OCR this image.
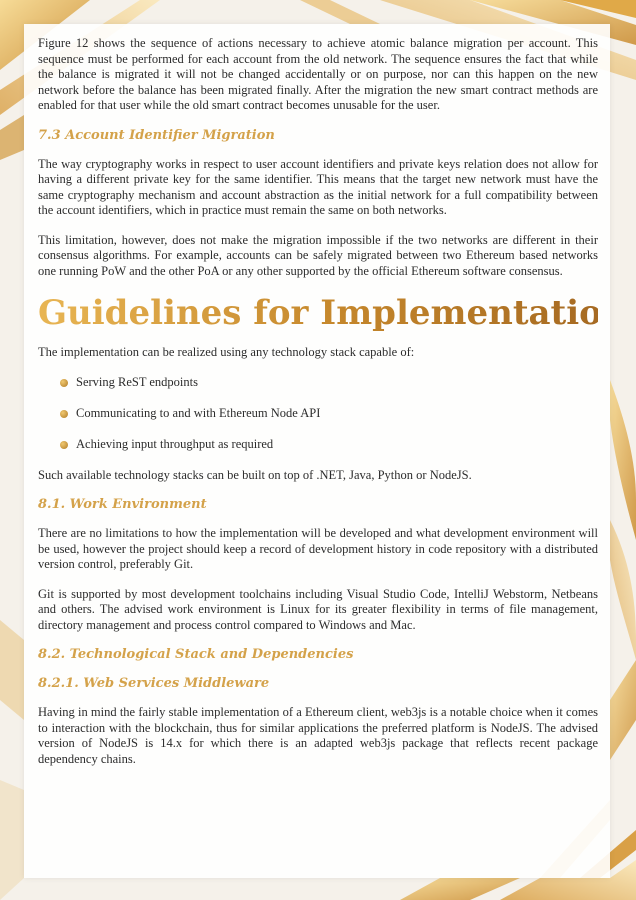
Figure 12 shows the sequence of actions necessary to achieve atomic balance migration per account. This sequence must be performed for each account from the old network. The sequence ensures the fact that while the balance is migrated it will not be changed accidentally or on purpose, nor can this happen on the new network before the balance has been migrated finally. After the migration the new smart contract methods are enabled for that user while the old smart contract becomes unusable for the user.

7.3 Account Identifier Migration

The way cryptography works in respect to user account identifiers and private keys relation does not allow for having a different private key for the same identifier. This means that the target new network must have the same cryptography mechanism and account abstraction as the initial network for a full compatibility between the account identifiers, which in practice must remain the same on both networks.

This limitation, however, does not make the migration impossible if the two networks are different in their consensus algorithms. For example, accounts can be safely migrated between two Ethereum based networks one running PoW and the other PoA or any other supported by the official Ethereum software consensus.

Guidelines for Implementation

The implementation can be realized using any technology stack capable of:

Serving ReST endpoints
Communicating to and with Ethereum Node API
Achieving input throughput as required

Such available technology stacks can be built on top of .NET, Java, Python or NodeJS.

8.1. Work Environment

There are no limitations to how the implementation will be developed and what development environment will be used, however the project should keep a record of development history in code repository with a distributed version control, preferably Git.

Git is supported by most development toolchains including Visual Studio Code, IntelliJ Webstorm, Netbeans and others. The advised work environment is Linux for its greater flexibility in terms of file management, directory management and process control compared to Windows and Mac.

8.2. Technological Stack and Dependencies
8.2.1. Web Services Middleware

Having in mind the fairly stable implementation of a Ethereum client, web3js is a notable choice when it comes to interaction with the blockchain, thus for similar applications the preferred platform is NodeJS. The advised version of NodeJS is 14.x for which there is an adapted web3js package that reflects recent package dependency chains.
